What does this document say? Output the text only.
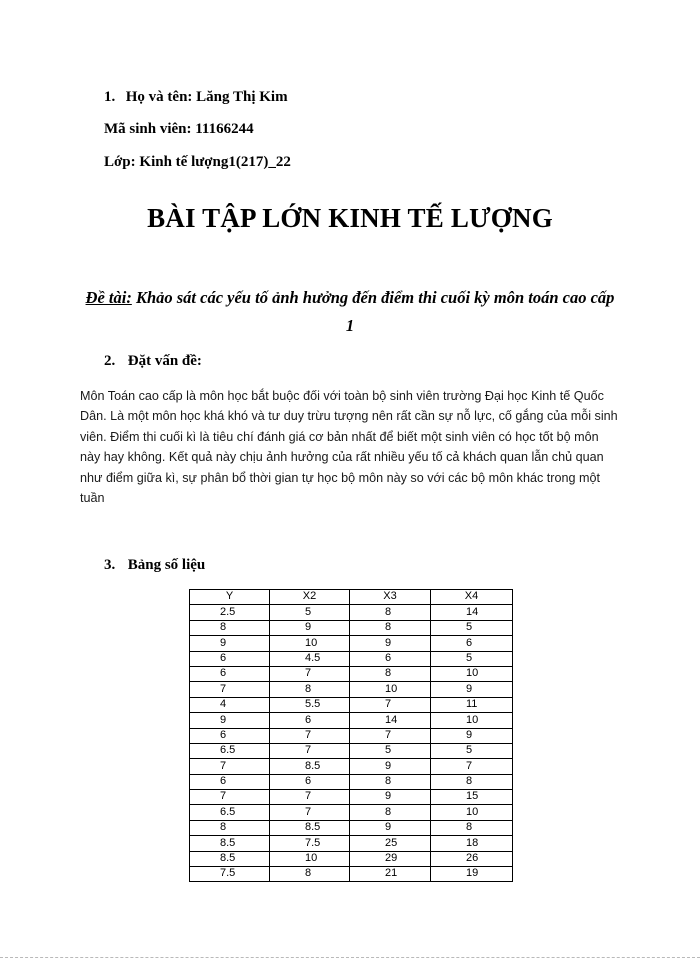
1. Họ và tên: Lăng Thị Kim
Mã sinh viên: 11166244
Lớp: Kinh tế lượng1(217)_22
BÀI TẬP LỚN KINH TẾ LƯỢNG

Đề tài: Khảo sát các yếu tố ảnh hưởng đến điểm thi cuối kỳ môn toán cao cấp 1

2. Đặt vấn đề:

Môn Toán cao cấp là môn học bắt buộc đối với toàn bộ sinh viên trường Đại học Kinh tế Quốc Dân. Là một môn học khá khó và tư duy trừu tượng nên rất cần sự nỗ lực, cố gắng của mỗi sinh viên. Điểm thi cuối kì là tiêu chí đánh giá cơ bản nhất để biết một sinh viên có học tốt bộ môn này hay không. Kết quả này chịu ảnh hưởng của rất nhiều yếu tố cả khách quan lẫn chủ quan như điểm giữa kì, sự phân bổ thời gian tự học bộ môn này so với các bộ môn khác trong một tuần

3. Bảng số liệu
Y	X2	X3	X4
2.5	5	8	14
8	9	8	5
9	10	9	6
6	4.5	6	5
6	7	8	10
7	8	10	9
4	5.5	7	11
9	6	14	10
6	7	7	9
6.5	7	5	5
7	8.5	9	7
6	6	8	8
7	7	9	15
6.5	7	8	10
8	8.5	9	8
8.5	7.5	25	18
8.5	10	29	26
7.5	8	21	19
